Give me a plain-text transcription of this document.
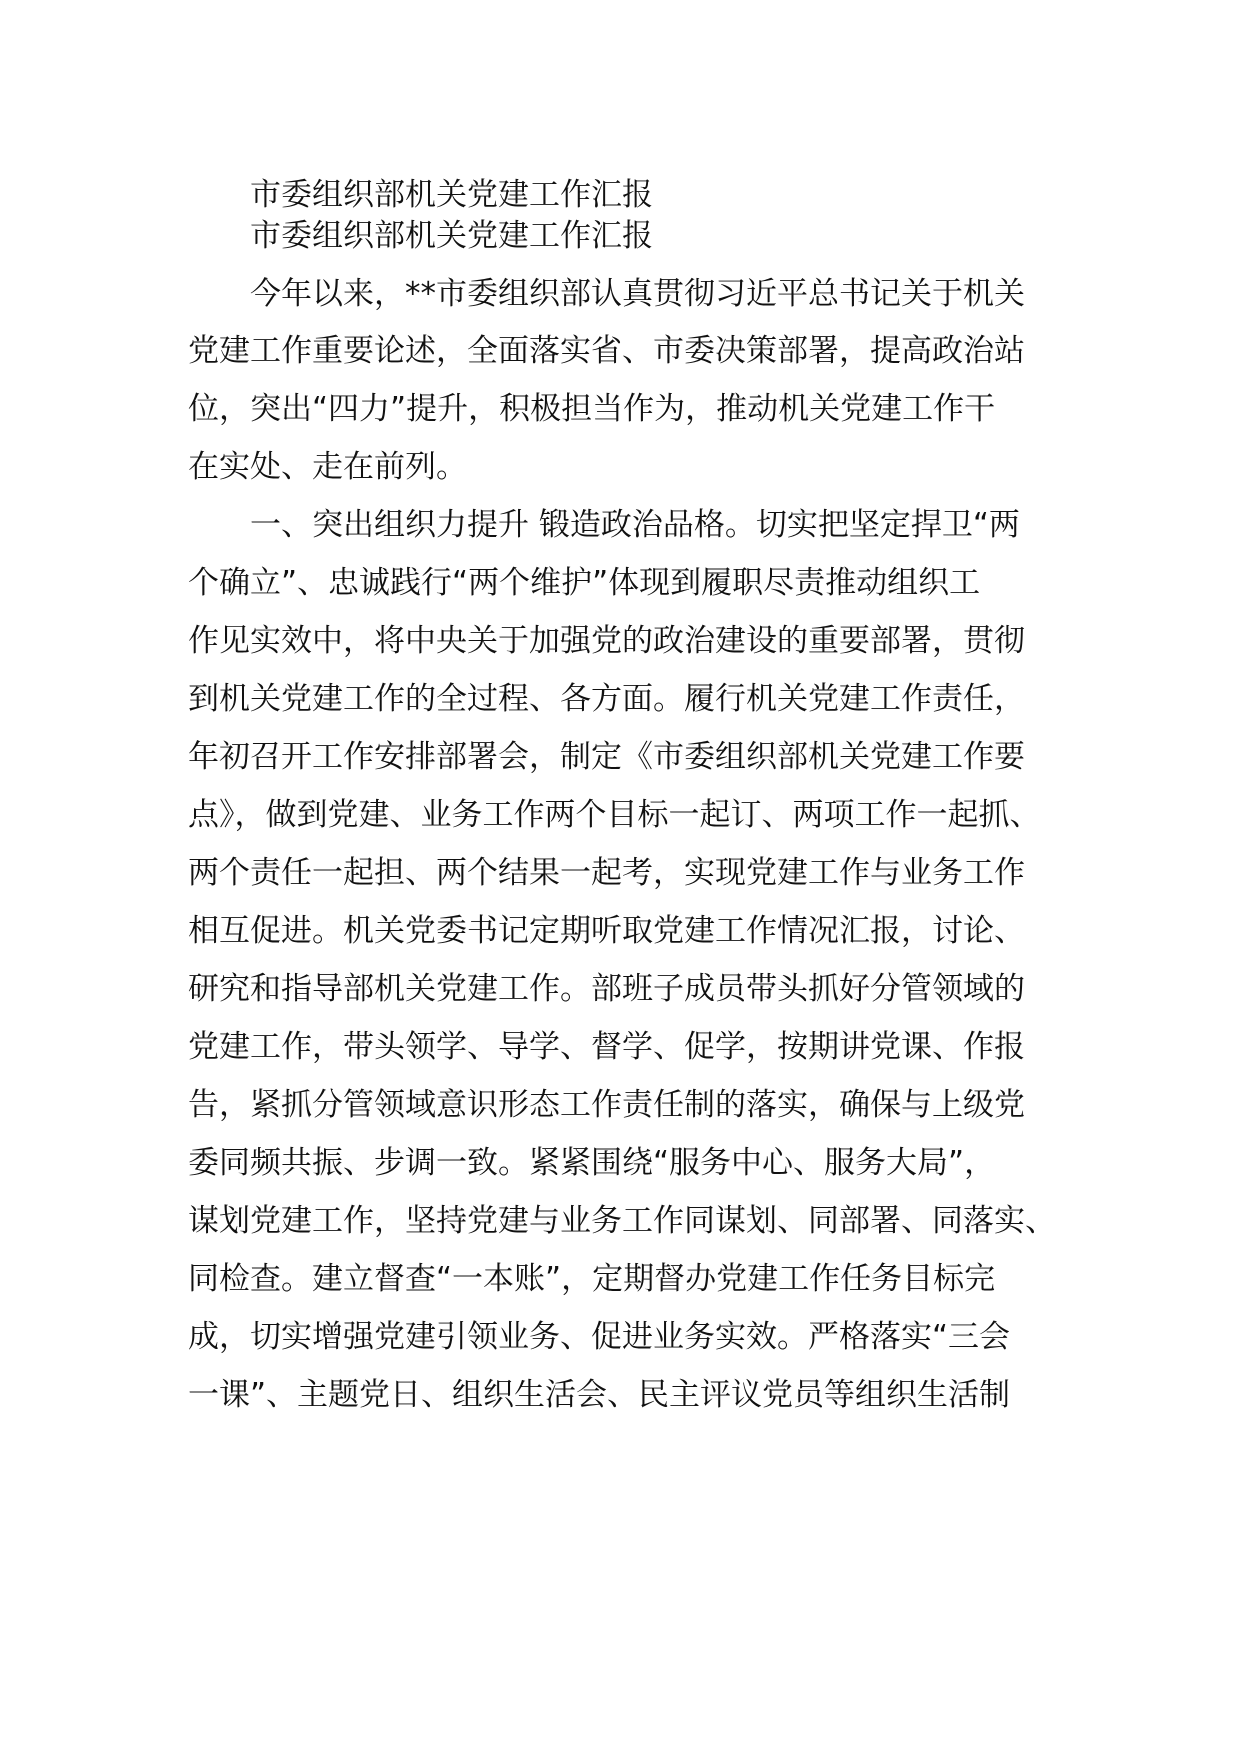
市委组织部机关党建工作汇报
市委组织部机关党建工作汇报
今年以来，**市委组织部认真贯彻习近平总书记关于机关
党建工作重要论述，全面落实省、市委决策部署，提高政治站
位，突出“四力”提升，积极担当作为，推动机关党建工作干
在实处、走在前列。
一、突出组织力提升 锻造政治品格。切实把坚定捍卫“两
个确立”、忠诚践行“两个维护”体现到履职尽责推动组织工
作见实效中，将中央关于加强党的政治建设的重要部署，贯彻
到机关党建工作的全过程、各方面。履行机关党建工作责任，
年初召开工作安排部署会，制定《市委组织部机关党建工作要
点》，做到党建、业务工作两个目标一起订、两项工作一起抓、
两个责任一起担、两个结果一起考，实现党建工作与业务工作
相互促进。机关党委书记定期听取党建工作情况汇报，讨论、
研究和指导部机关党建工作。部班子成员带头抓好分管领域的
党建工作，带头领学、导学、督学、促学，按期讲党课、作报
告，紧抓分管领域意识形态工作责任制的落实，确保与上级党
委同频共振、步调一致。紧紧围绕“服务中心、服务大局”，
谋划党建工作，坚持党建与业务工作同谋划、同部署、同落实、
同检查。建立督查“一本账”，定期督办党建工作任务目标完
成，切实增强党建引领业务、促进业务实效。严格落实“三会
一课”、主题党日、组织生活会、民主评议党员等组织生活制
